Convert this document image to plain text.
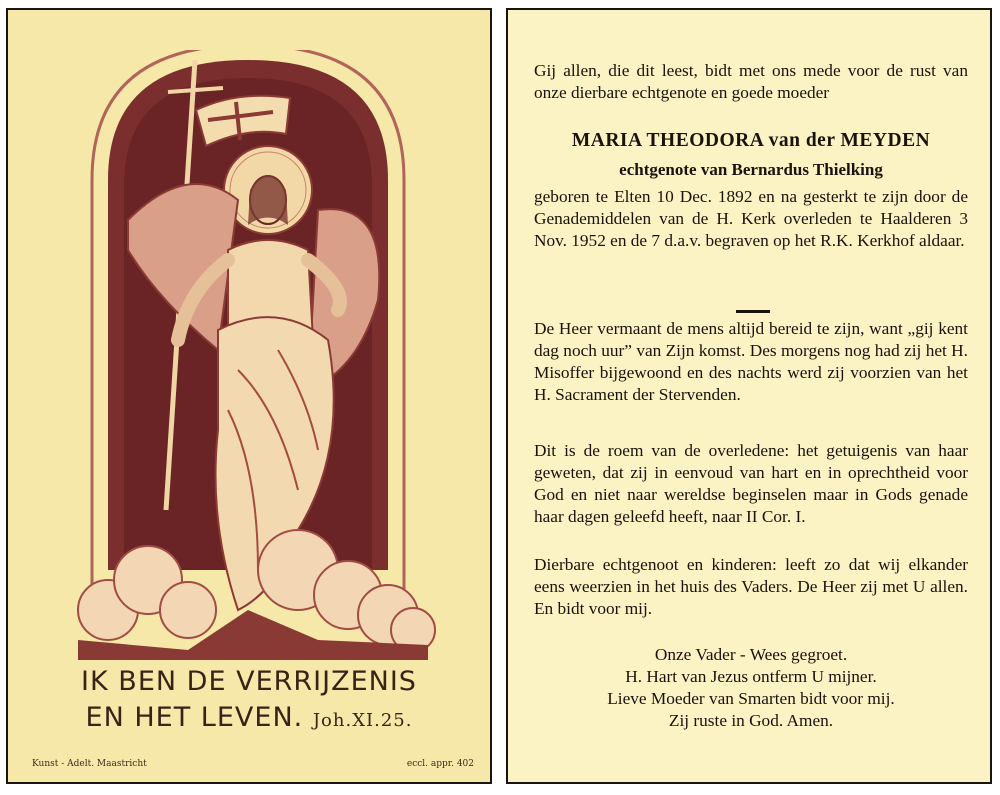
IK BEN DE VERRIJZENIS
EN HET LEVEN. Joh.XI.25.
Kunst - Adelt. Maastricht	eccl. appr. 402
Gij allen, die dit leest, bidt met ons mede voor de rust van onze dierbare echtgenote en goede moeder
MARIA THEODORA van der MEYDEN
echtgenote van Bernardus Thielking
geboren te Elten 10 Dec. 1892 en na gesterkt te zijn door de Genademiddelen van de H. Kerk overleden te Haalderen 3 Nov. 1952 en de 7 d.a.v. begraven op het R.K. Kerkhof aldaar.
De Heer vermaant de mens altijd bereid te zijn, want „gij kent dag noch uur” van Zijn komst. Des morgens nog had zij het H. Misoffer bijgewoond en des nachts werd zij voorzien van het H. Sacrament der Stervenden.
Dit is de roem van de overledene: het getuigenis van haar geweten, dat zij in eenvoud van hart en in oprechtheid voor God en niet naar wereldse beginselen maar in Gods genade haar dagen geleefd heeft, naar II Cor. I.
Dierbare echtgenoot en kinderen: leeft zo dat wij elkander eens weerzien in het huis des Vaders. De Heer zij met U allen. En bidt voor mij.
Onze Vader - Wees gegroet.
H. Hart van Jezus ontferm U mijner.
Lieve Moeder van Smarten bidt voor mij.
Zij ruste in God. Amen.
